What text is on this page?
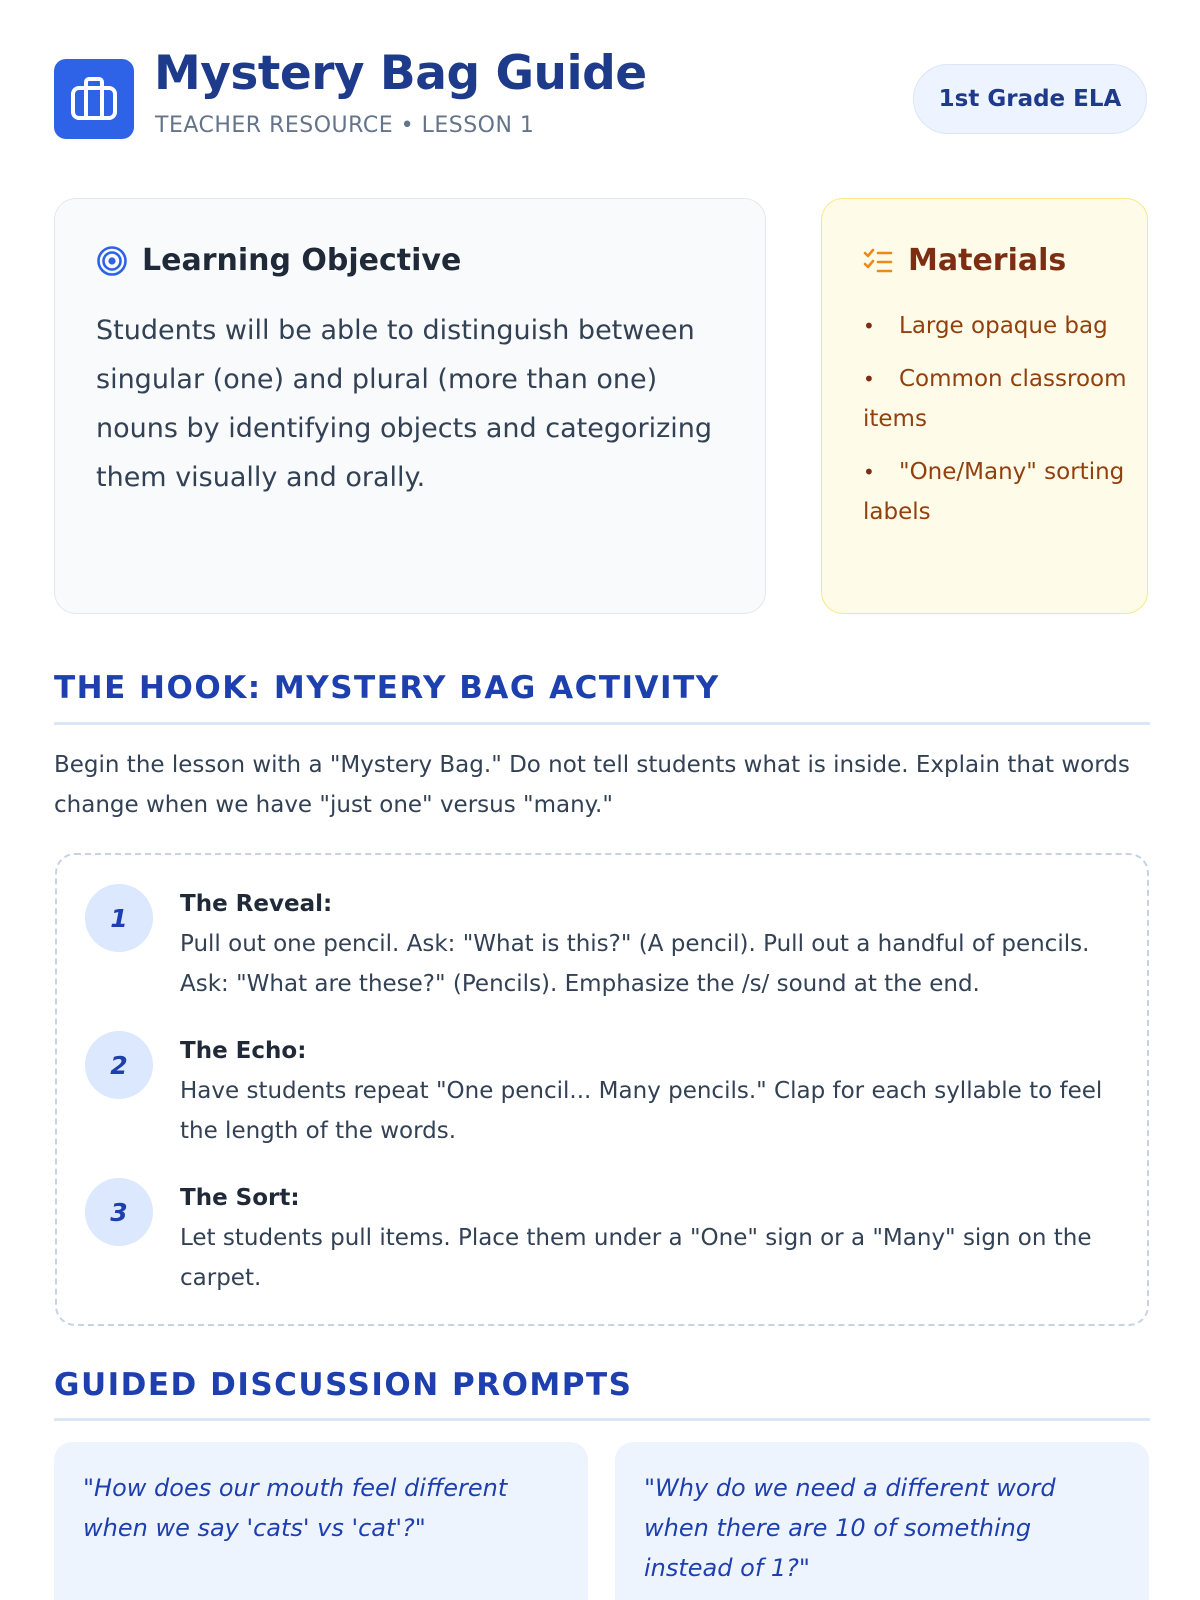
Mystery Bag Guide
TEACHER RESOURCE • LESSON 1
1st Grade ELA
Learning Objective
Students will be able to distinguish between singular (one) and plural (more than one) nouns by identifying objects and categorizing them visually and orally.
Materials
• Large opaque bag
• Common classroom items
• "One/Many" sorting labels
THE HOOK: MYSTERY BAG ACTIVITY
Begin the lesson with a "Mystery Bag." Do not tell students what is inside. Explain that words change when we have "just one" versus "many."
1	The Reveal:
Pull out one pencil. Ask: "What is this?" (A pencil). Pull out a handful of pencils. Ask: "What are these?" (Pencils). Emphasize the /s/ sound at the end.
2	The Echo:
Have students repeat "One pencil... Many pencils." Clap for each syllable to feel the length of the words.
3	The Sort:
Let students pull items. Place them under a "One" sign or a "Many" sign on the carpet.
GUIDED DISCUSSION PROMPTS
"How does our mouth feel different when we say 'cats' vs 'cat'?"
"Why do we need a different word when there are 10 of something instead of 1?"
